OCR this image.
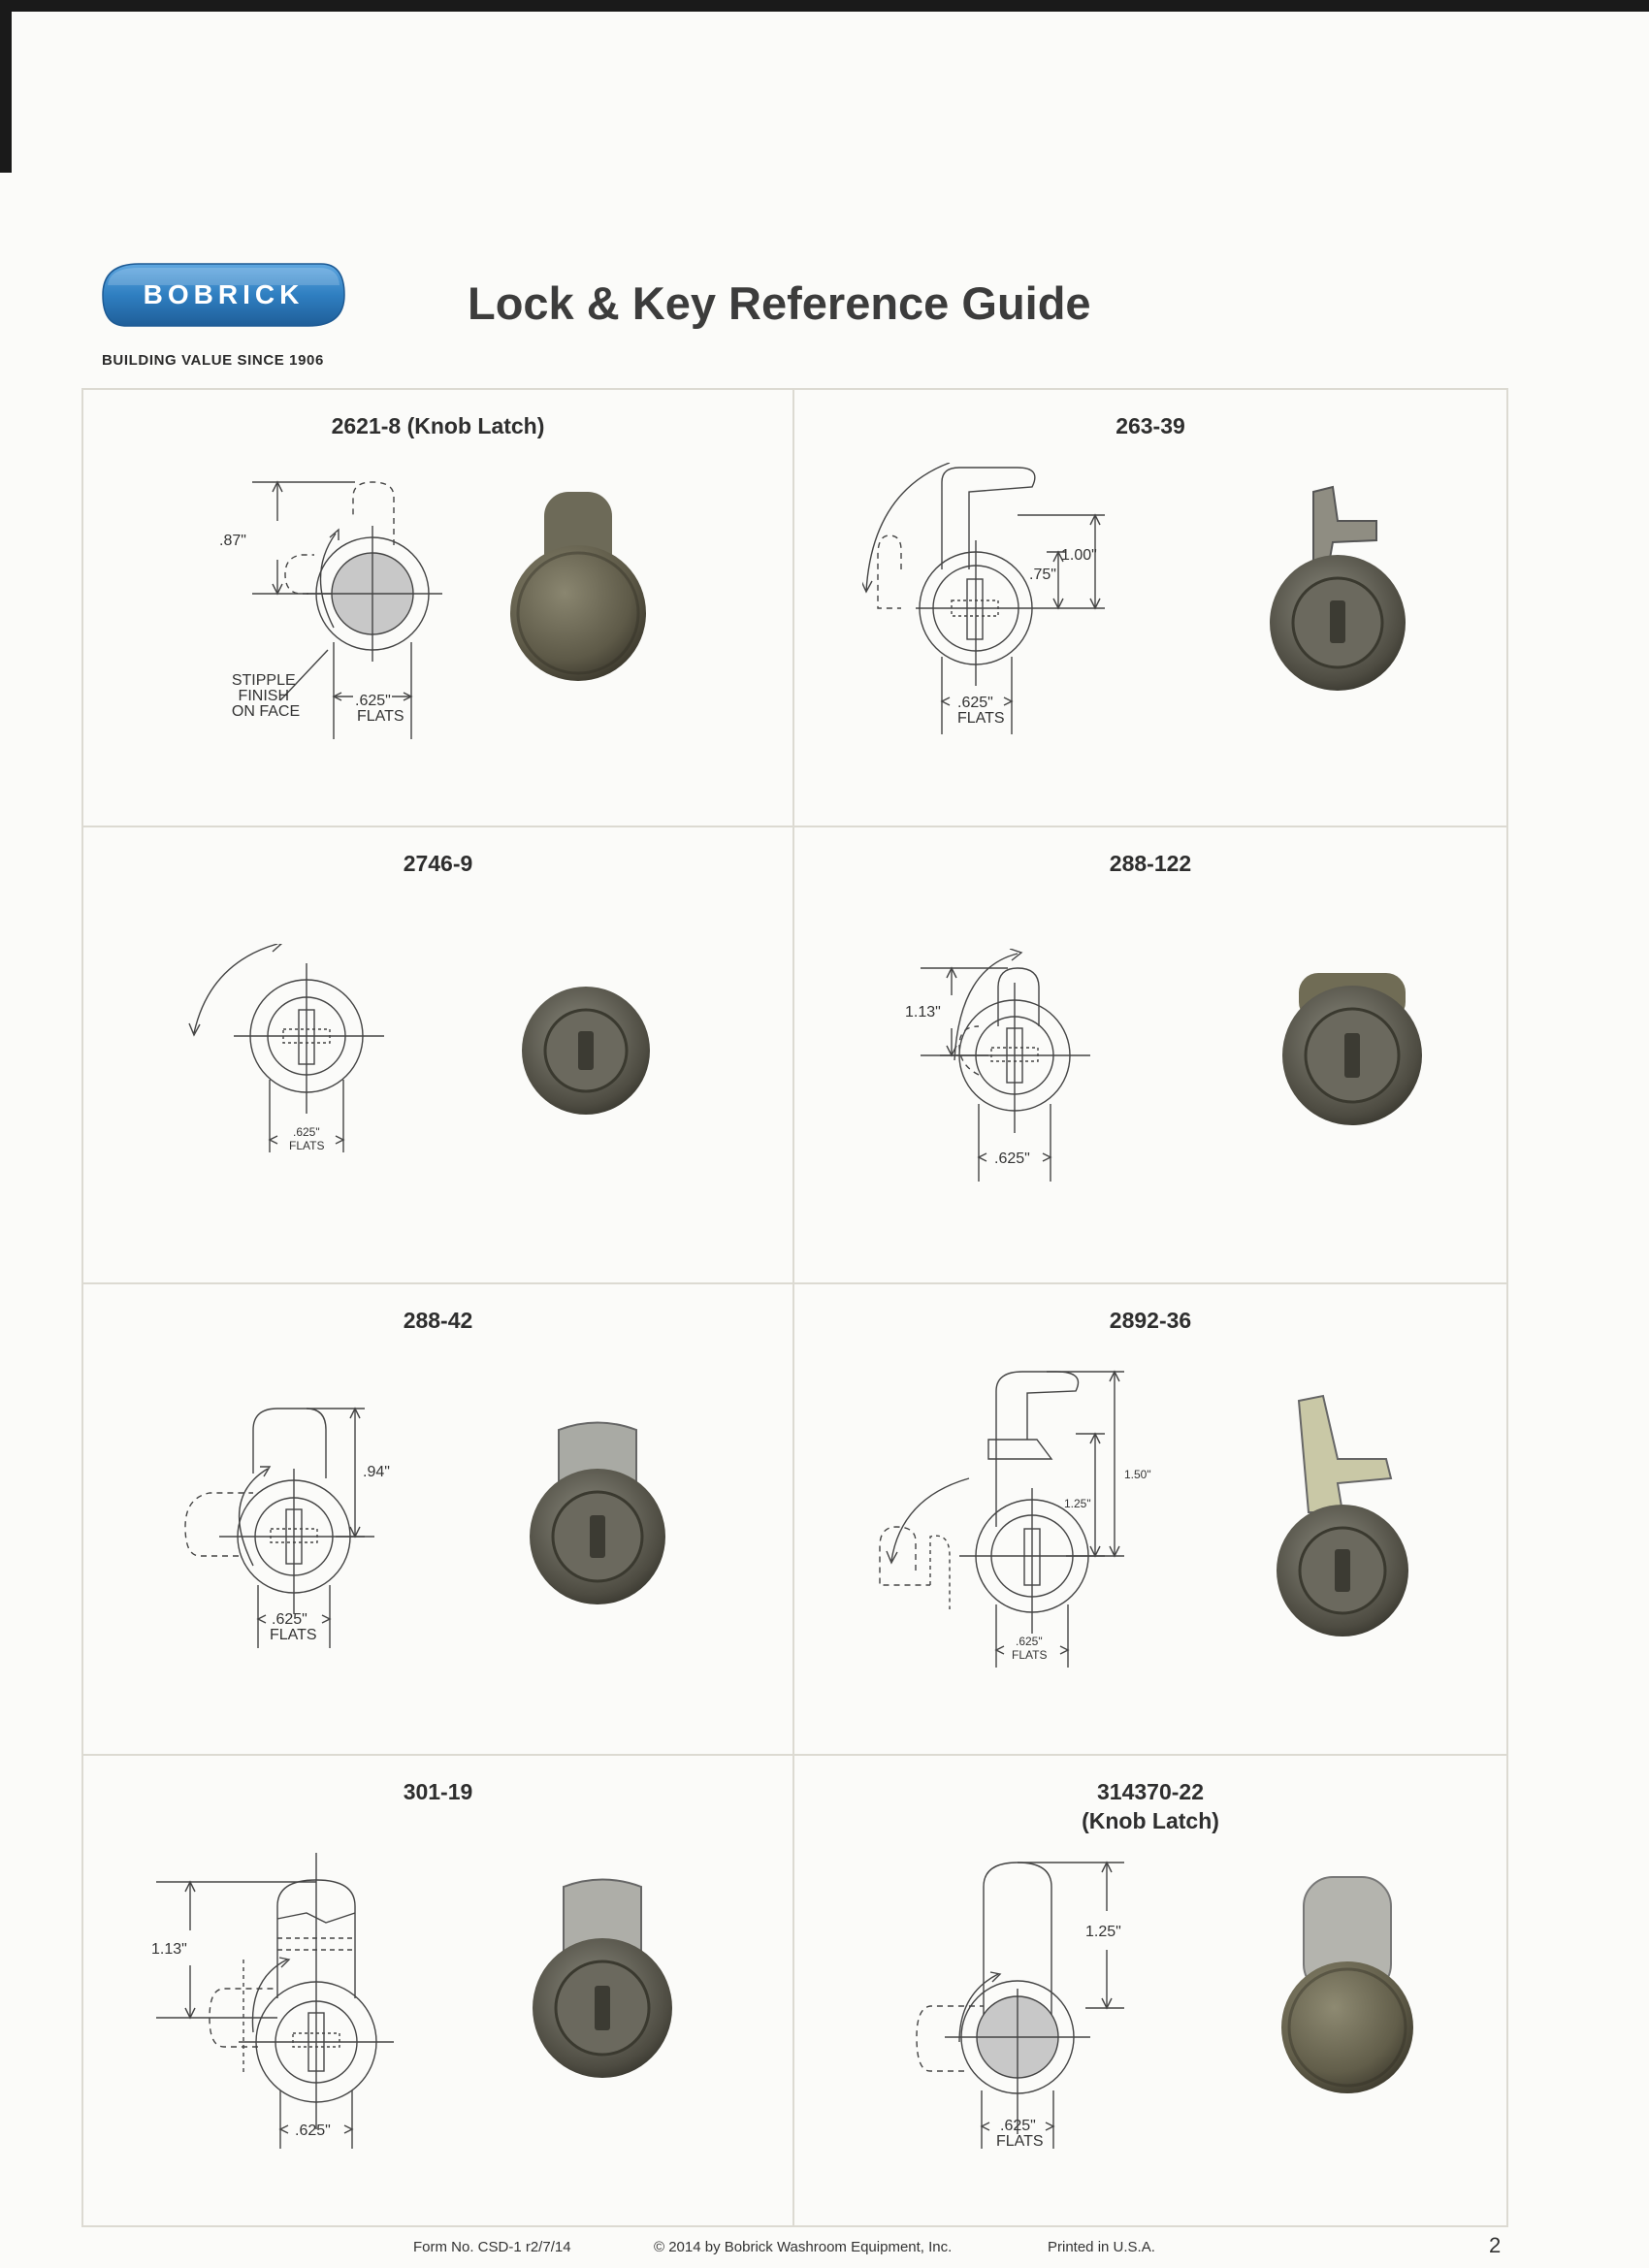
BOBRICK
BUILDING VALUE SINCE 1906
Lock & Key Reference Guide
2621-8 (Knob Latch)
.87"
.625"
FLATS
STIPPLE FINISH ON FACE
263-39
1.00"
.75"
.625"
FLATS
2746-9
.625"
FLATS
288-122
1.13"
.625"
288-42
.94"
.625"
FLATS
2892-36
1.50"
1.25"
.625"
FLATS
301-19
1.13"
.625"
314370-22
(Knob Latch)
1.25"
.625"
FLATS
Form No. CSD-1 r2/7/14	© 2014 by Bobrick Washroom Equipment, Inc.	Printed in U.S.A.	2
